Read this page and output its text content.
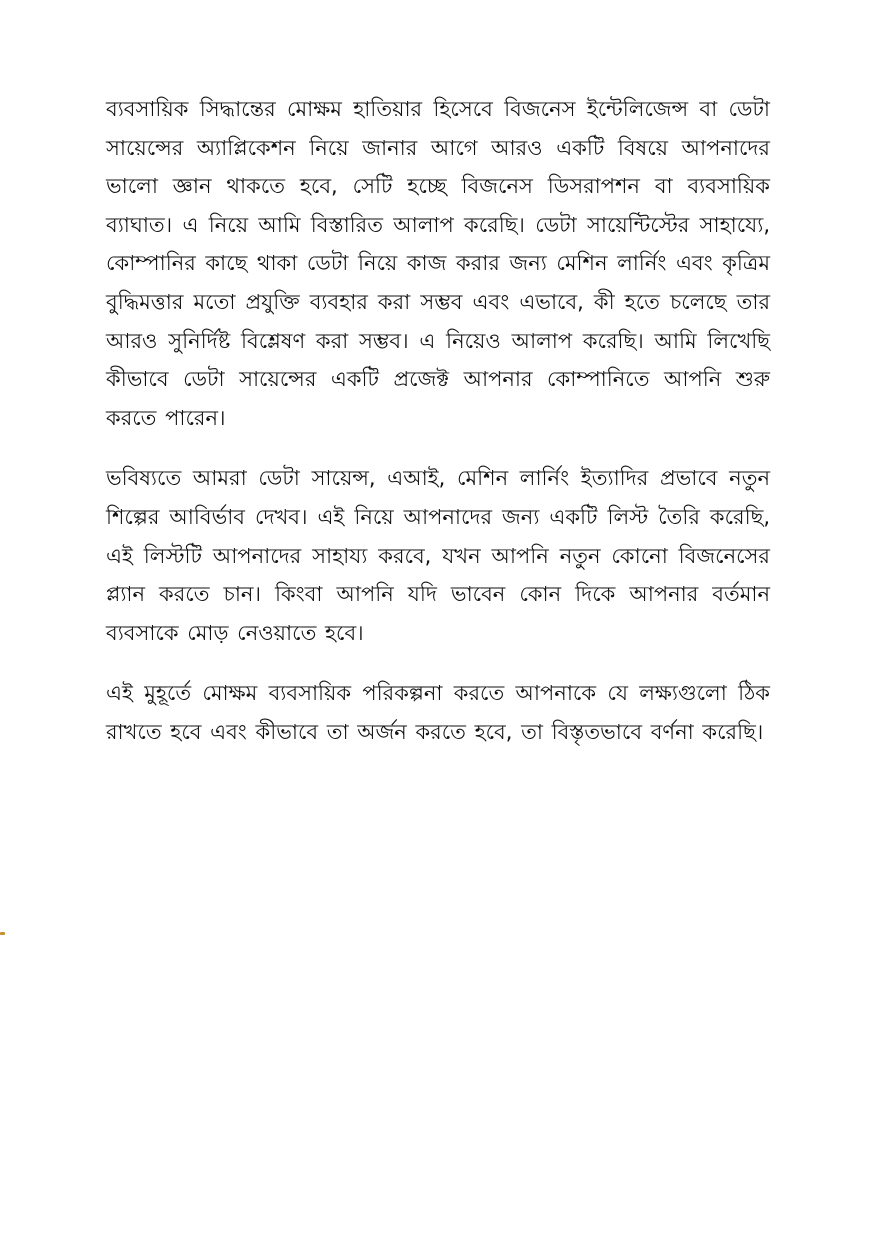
ব্যবসায়িক সিদ্ধান্তের মোক্ষম হাতিয়ার হিসেবে বিজনেস ইন্টেলিজেন্স বা ডেটা সায়েন্সের অ্যাপ্লিকেশন নিয়ে জানার আগে আরও একটি বিষয়ে আপনাদের ভালো জ্ঞান থাকতে হবে, সেটি হচ্ছে বিজনেস ডিসরাপশন বা ব্যবসায়িক ব্যাঘাত। এ নিয়ে আমি বিস্তারিত আলাপ করেছি। ডেটা সায়েন্টিস্টের সাহায্যে, কোম্পানির কাছে থাকা ডেটা নিয়ে কাজ করার জন্য মেশিন লার্নিং এবং কৃত্রিম বুদ্ধিমত্তার মতো প্রযুক্তি ব্যবহার করা সম্ভব এবং এভাবে, কী হতে চলেছে তার আরও সুনির্দিষ্ট বিশ্লেষণ করা সম্ভব। এ নিয়েও আলাপ করেছি। আমি লিখেছি কীভাবে ডেটা সায়েন্সের একটি প্রজেক্ট আপনার কোম্পানিতে আপনি শুরু করতে পারেন।

ভবিষ্যতে আমরা ডেটা সায়েন্স, এআই, মেশিন লার্নিং ইত্যাদির প্রভাবে নতুন শিল্পের আবির্ভাব দেখব। এই নিয়ে আপনাদের জন্য একটি লিস্ট তৈরি করেছি, এই লিস্টটি আপনাদের সাহায্য করবে, যখন আপনি নতুন কোনো বিজনেসের প্ল্যান করতে চান। কিংবা আপনি যদি ভাবেন কোন দিকে আপনার বর্তমান ব্যবসাকে মোড় নেওয়াতে হবে।

এই মুহূর্তে মোক্ষম ব্যবসায়িক পরিকল্পনা করতে আপনাকে যে লক্ষ্যগুলো ঠিক রাখতে হবে এবং কীভাবে তা অর্জন করতে হবে, তা বিস্তৃতভাবে বর্ণনা করেছি।
